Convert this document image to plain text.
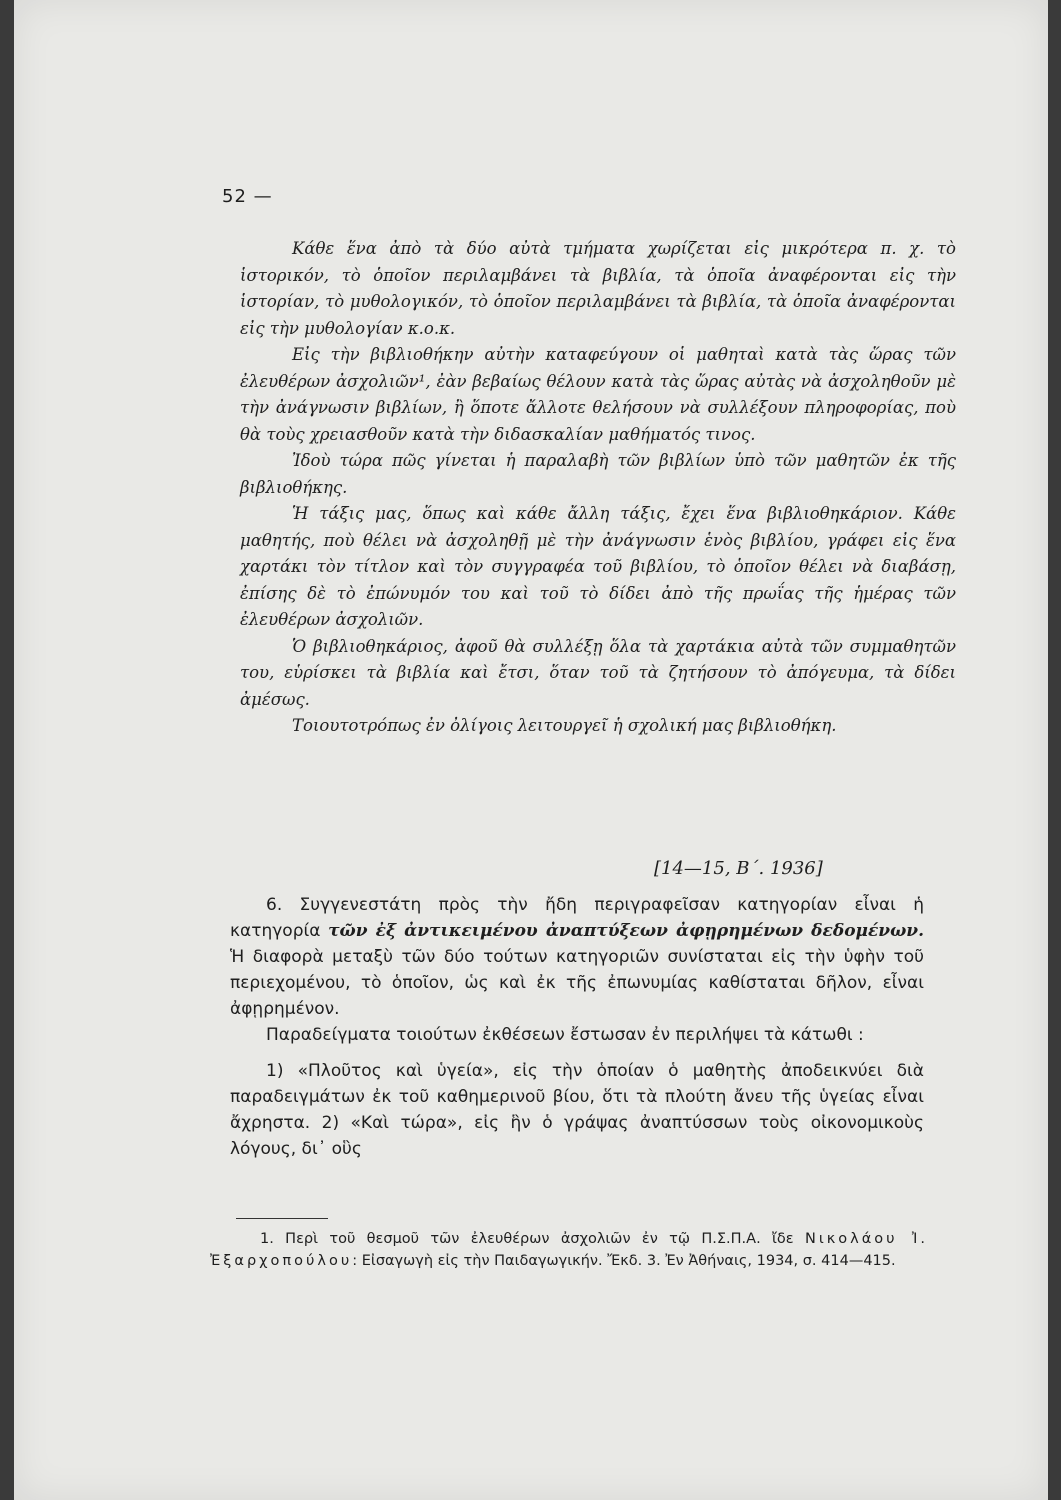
52 —

Κάθε ἕνα ἀπὸ τὰ δύο αὐτὰ τμήματα χωρίζεται εἰς μικρότερα π. χ. τὸ ἱστορικόν, τὸ ὁποῖον περιλαμβάνει τὰ βιβλία, τὰ ὁποῖα ἀναφέρονται εἰς τὴν ἱστορίαν, τὸ μυθολογικόν, τὸ ὁποῖον περιλαμβάνει τὰ βιβλία, τὰ ὁποῖα ἀναφέρονται εἰς τὴν μυθολογίαν κ.ο.κ.

Εἰς τὴν βιβλιοθήκην αὐτὴν καταφεύγουν οἱ μαθηταὶ κατὰ τὰς ὥρας τῶν ἐλευθέρων ἀσχολιῶν¹, ἐὰν βεβαίως θέλουν κατὰ τὰς ὥρας αὐτὰς νὰ ἀσχοληθοῦν μὲ τὴν ἀνάγνωσιν βιβλίων, ἢ ὅποτε ἄλλοτε θελήσουν νὰ συλλέξουν πληροφορίας, ποὺ θὰ τοὺς χρειασθοῦν κατὰ τὴν διδασκαλίαν μαθήματός τινος.

Ἰδοὺ τώρα πῶς γίνεται ἡ παραλαβὴ τῶν βιβλίων ὑπὸ τῶν μαθητῶν ἐκ τῆς βιβλιοθήκης.

Ἡ τάξις μας, ὅπως καὶ κάθε ἄλλη τάξις, ἔχει ἕνα βιβλιοθηκάριον. Κάθε μαθητής, ποὺ θέλει νὰ ἀσχοληθῇ μὲ τὴν ἀνάγνωσιν ἑνὸς βιβλίου, γράφει εἰς ἕνα χαρτάκι τὸν τίτλον καὶ τὸν συγγραφέα τοῦ βιβλίου, τὸ ὁποῖον θέλει νὰ διαβάσῃ, ἐπίσης δὲ τὸ ἐπώνυμόν του καὶ τοῦ τὸ δίδει ἀπὸ τῆς πρωΐας τῆς ἡμέρας τῶν ἐλευθέρων ἀσχολιῶν.

Ὁ βιβλιοθηκάριος, ἀφοῦ θὰ συλλέξῃ ὅλα τὰ χαρτάκια αὐτὰ τῶν συμμαθητῶν του, εὑρίσκει τὰ βιβλία καὶ ἔτσι, ὅταν τοῦ τὰ ζητήσουν τὸ ἀπόγευμα, τὰ δίδει ἀμέσως.

Τοιουτοτρόπως ἐν ὀλίγοις λειτουργεῖ ἡ σχολική μας βιβλιοθήκη.

[14—15, Β΄. 1936]

6. Συγγενεστάτη πρὸς τὴν ἤδη περιγραφεῖσαν κατηγορίαν εἶναι ἡ κατηγορία τῶν ἐξ ἀντικειμένου ἀναπτύξεων ἀφῃρημένων δεδομένων. Ἡ διαφορὰ μεταξὺ τῶν δύο τούτων κατηγοριῶν συνίσταται εἰς τὴν ὑφὴν τοῦ περιεχομένου, τὸ ὁποῖον, ὡς καὶ ἐκ τῆς ἐπωνυμίας καθίσταται δῆλον, εἶναι ἀφῃρημένον.

Παραδείγματα τοιούτων ἐκθέσεων ἔστωσαν ἐν περιλήψει τὰ κάτωθι :

1) «Πλοῦτος καὶ ὑγεία», εἰς τὴν ὁποίαν ὁ μαθητὴς ἀποδεικνύει διὰ παραδειγμάτων ἐκ τοῦ καθημερινοῦ βίου, ὅτι τὰ πλούτη ἄνευ τῆς ὑγείας εἶναι ἄχρηστα. 2) «Καὶ τώρα», εἰς ἣν ὁ γράψας ἀναπτύσσων τοὺς οἰκονομικοὺς λόγους, δι᾿ οὓς

1. Περὶ τοῦ θεσμοῦ τῶν ἐλευθέρων ἀσχολιῶν ἐν τῷ Π.Σ.Π.Α. ἴδε Νικολάου Ἰ. Ἐξαρχοπούλου: Εἰσαγωγὴ εἰς τὴν Παιδαγωγικήν. Ἔκδ. 3. Ἐν Ἀθήναις, 1934, σ. 414—415.
